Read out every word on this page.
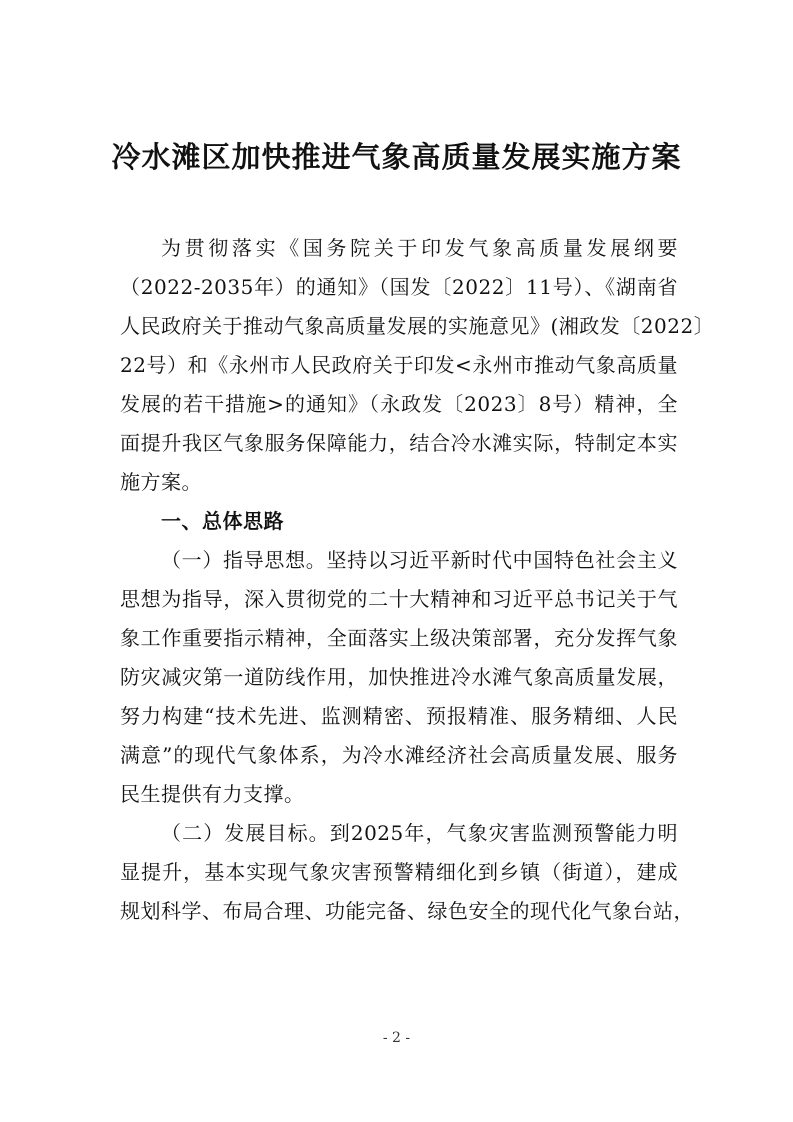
冷水滩区加快推进气象高质量发展实施方案
为贯彻落实《国务院关于印发气象高质量发展纲要
（2022-2035年）的通知》（国发〔2022〕11号）、《湖南省
人民政府关于推动气象高质量发展的实施意见》(湘政发〔2022〕
22号）和《永州市人民政府关于印发<永州市推动气象高质量
发展的若干措施>的通知》（永政发〔2023〕8号）精神，全
面提升我区气象服务保障能力，结合冷水滩实际，特制定本实
施方案。
一、总体思路
（一）指导思想。坚持以习近平新时代中国特色社会主义
思想为指导，深入贯彻党的二十大精神和习近平总书记关于气
象工作重要指示精神，全面落实上级决策部署，充分发挥气象
防灾减灾第一道防线作用，加快推进冷水滩气象高质量发展，
努力构建“技术先进、监测精密、预报精准、服务精细、人民
满意”的现代气象体系，为冷水滩经济社会高质量发展、服务
民生提供有力支撑。
（二）发展目标。到2025年，气象灾害监测预警能力明
显提升，基本实现气象灾害预警精细化到乡镇（街道），建成
规划科学、布局合理、功能完备、绿色安全的现代化气象台站，
- 2 -
